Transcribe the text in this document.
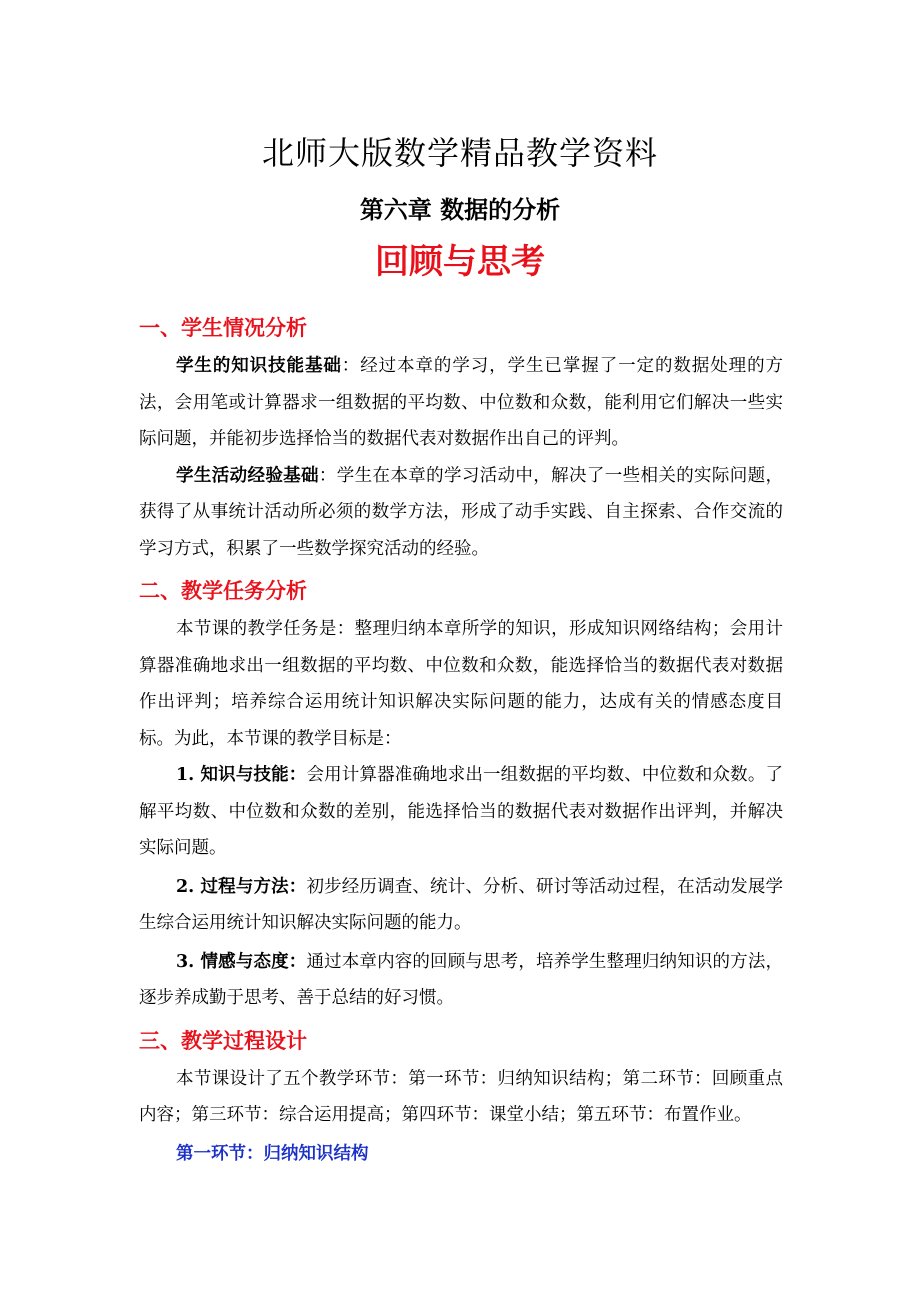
北师大版数学精品教学资料
第六章 数据的分析
回顾与思考
一、学生情况分析

学生的知识技能基础：经过本章的学习，学生已掌握了一定的数据处理的方法，会用笔或计算器求一组数据的平均数、中位数和众数，能利用它们解决一些实际问题，并能初步选择恰当的数据代表对数据作出自己的评判。

学生活动经验基础：学生在本章的学习活动中，解决了一些相关的实际问题，获得了从事统计活动所必须的数学方法，形成了动手实践、自主探索、合作交流的学习方式，积累了一些数学探究活动的经验。

二、教学任务分析

本节课的教学任务是：整理归纳本章所学的知识，形成知识网络结构；会用计算器准确地求出一组数据的平均数、中位数和众数，能选择恰当的数据代表对数据作出评判；培养综合运用统计知识解决实际问题的能力，达成有关的情感态度目标。为此，本节课的教学目标是：

1. 知识与技能：会用计算器准确地求出一组数据的平均数、中位数和众数。了解平均数、中位数和众数的差别，能选择恰当的数据代表对数据作出评判，并解决实际问题。

2. 过程与方法：初步经历调查、统计、分析、研讨等活动过程，在活动发展学生综合运用统计知识解决实际问题的能力。

3. 情感与态度：通过本章内容的回顾与思考，培养学生整理归纳知识的方法，逐步养成勤于思考、善于总结的好习惯。

三、教学过程设计

本节课设计了五个教学环节：第一环节：归纳知识结构；第二环节：回顾重点内容；第三环节：综合运用提高；第四环节：课堂小结；第五环节：布置作业。

第一环节：归纳知识结构
